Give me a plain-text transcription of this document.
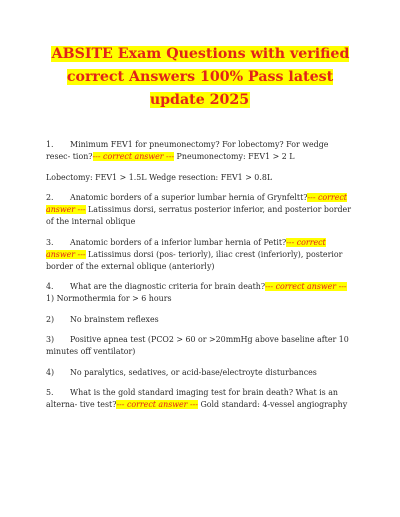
ABSITE Exam Questions with verified correct Answers 100% Pass latest update 2025

1. Minimum FEV1 for pneumonectomy? For lobectomy? For wedge resec- tion?--- correct answer --- Pneumonectomy: FEV1 > 2 L

Lobectomy: FEV1 > 1.5L Wedge resection: FEV1 > 0.8L

2. Anatomic borders of a superior lumbar hernia of Grynfeltt?--- correct answer --- Latissimus dorsi, serratus posterior inferior, and posterior border of the internal oblique

3. Anatomic borders of a inferior lumbar hernia of Petit?--- correct answer --- Latissimus dorsi (pos- teriorly), iliac crest (inferiorly), posterior border of the external oblique (anteriorly)

4. What are the diagnostic criteria for brain death?--- correct answer --- 1) Normothermia for > 6 hours

2) No brainstem reflexes

3) Positive apnea test (PCO2 > 60 or >20mmHg above baseline after 10 minutes off ventilator)

4) No paralytics, sedatives, or acid-base/electroyte disturbances

5. What is the gold standard imaging test for brain death? What is an alterna- tive test?--- correct answer --- Gold standard: 4-vessel angiography
